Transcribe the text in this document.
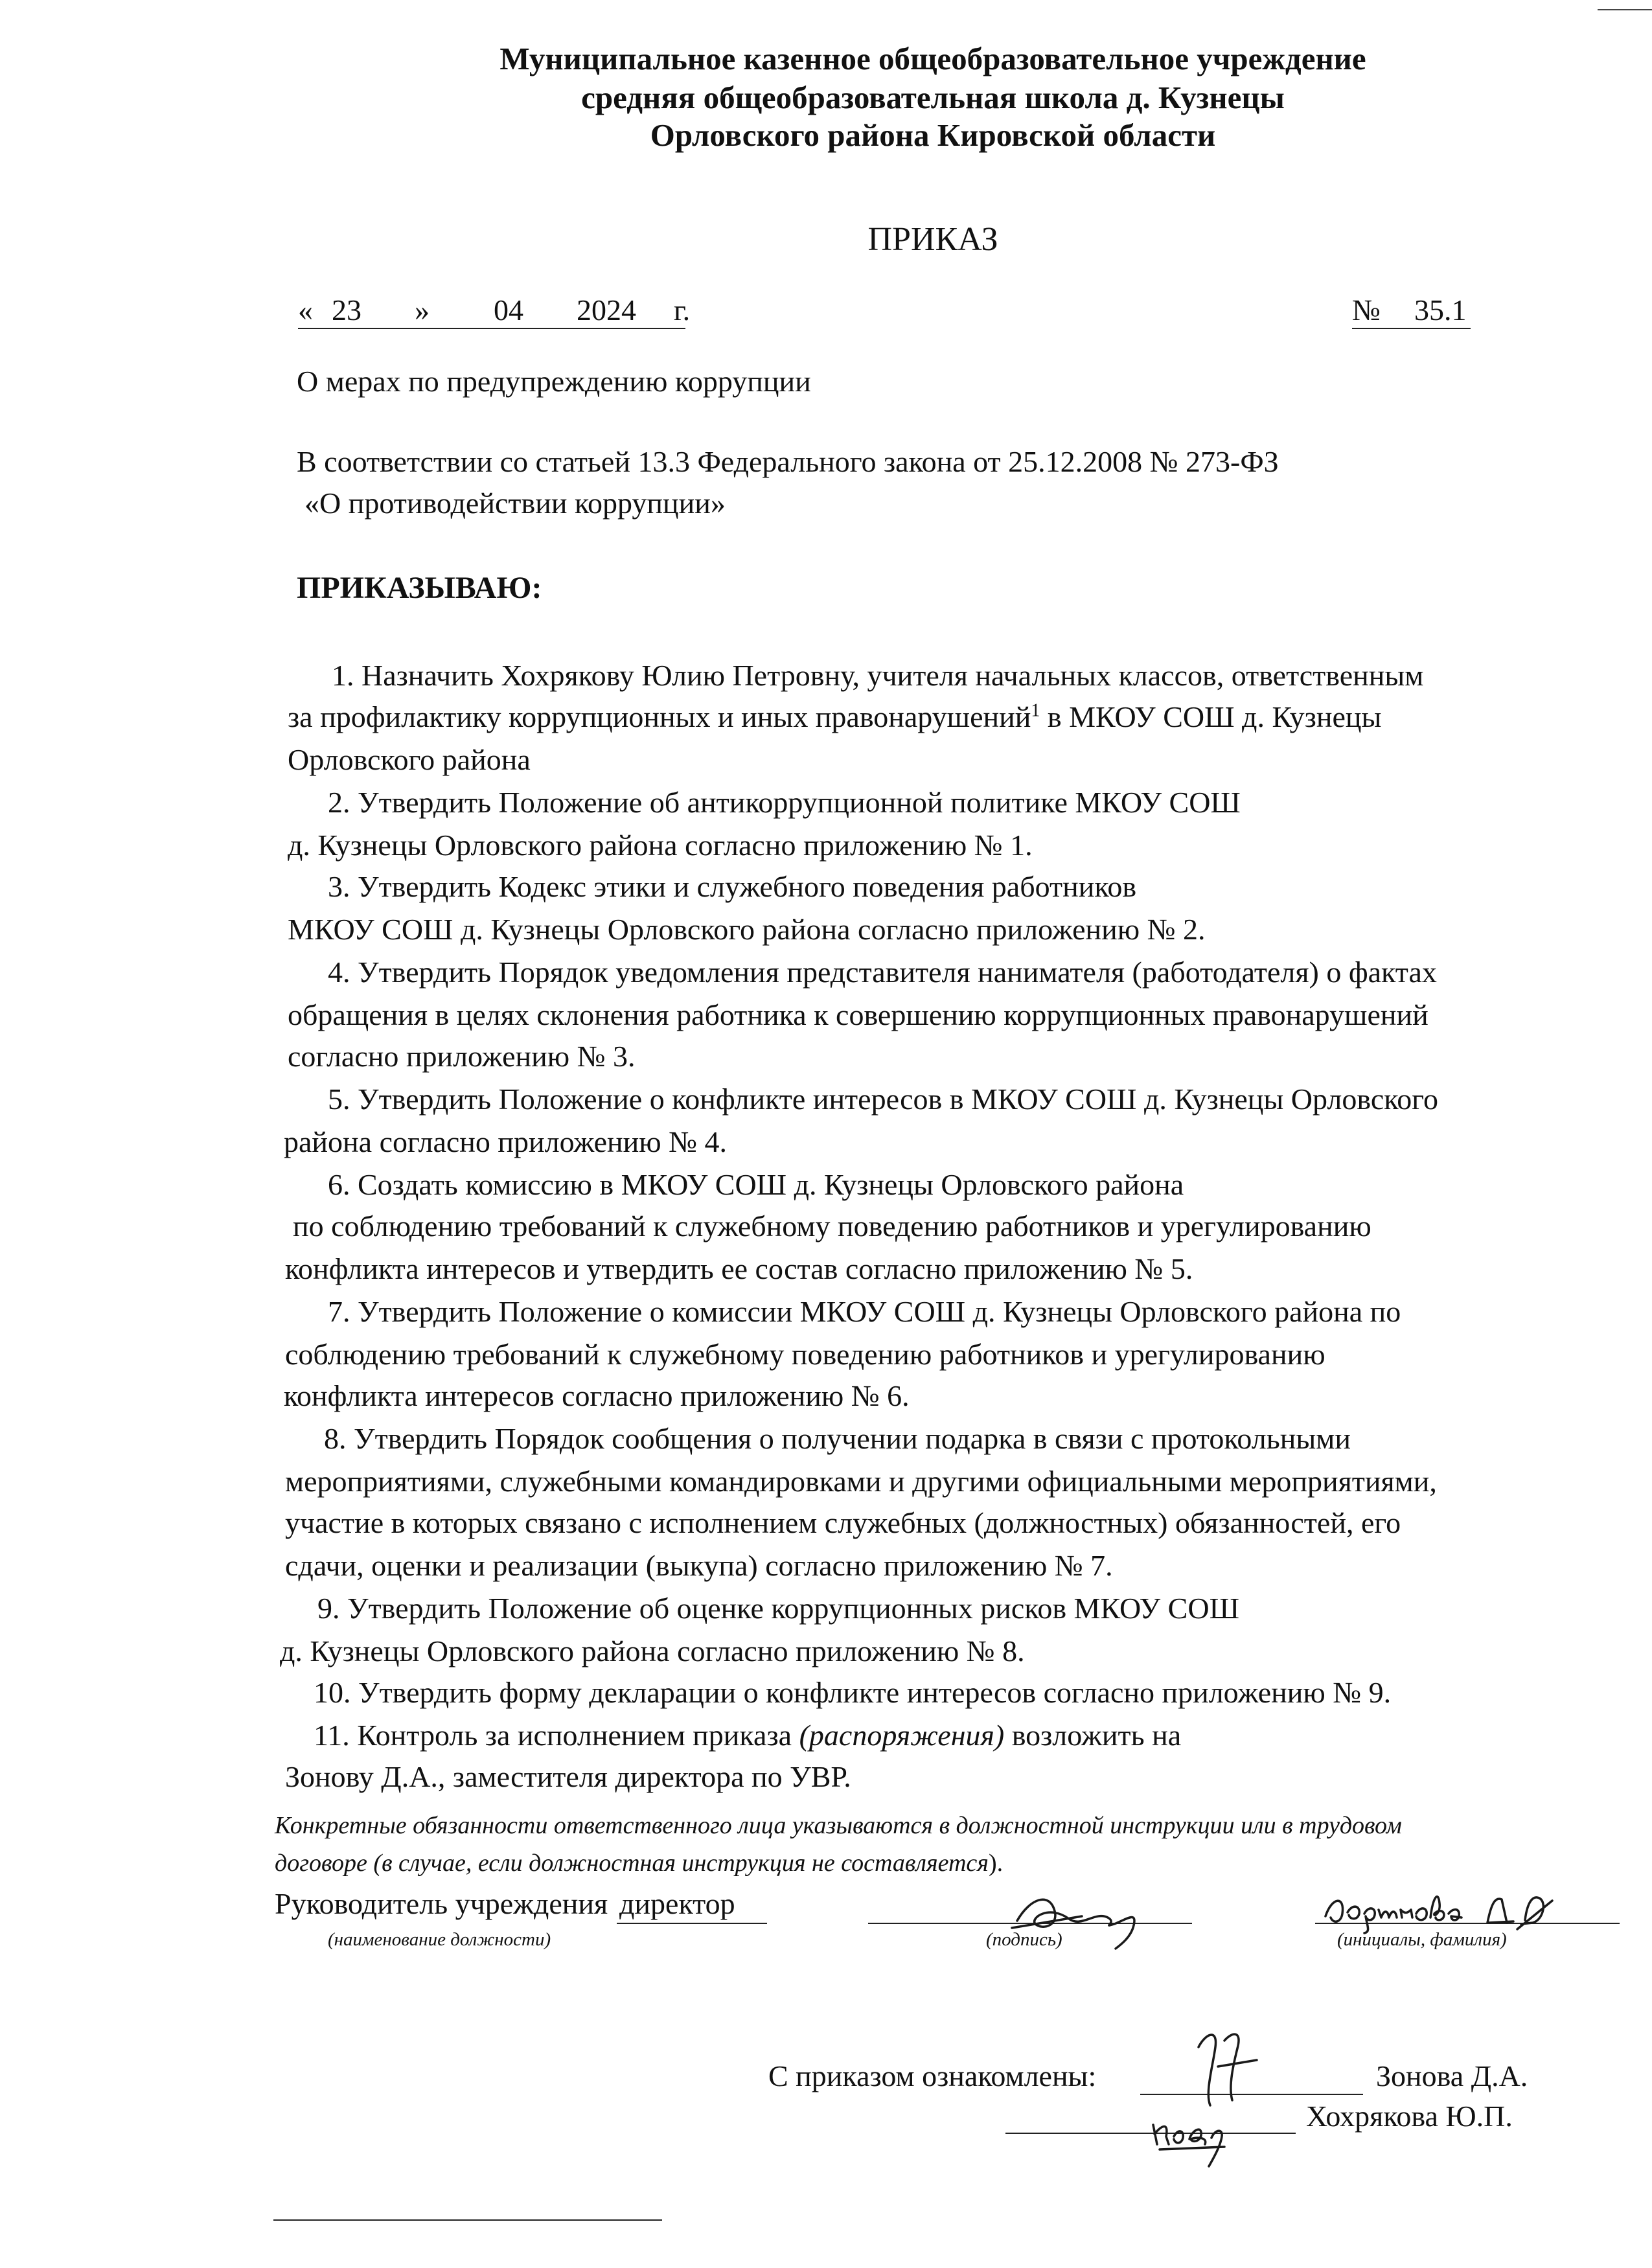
Муниципальное казенное общеобразовательное учреждение
средняя общеобразовательная школа д. Кузнецы
Орловского района Кировской области
ПРИКАЗ
« 23 » 04 2024 г.	№ 35.1
О мерах по предупреждению коррупции
В соответствии со статьей 13.3 Федерального закона от 25.12.2008 № 273-ФЗ
«О противодействии коррупции»
ПРИКАЗЫВАЮ:
1. Назначить Хохрякову Юлию Петровну, учителя начальных классов, ответственным
за профилактику коррупционных и иных правонарушений$^1$ в МКОУ СОШ д. Кузнецы
Орловского района
2. Утвердить Положение об антикоррупционной политике МКОУ СОШ
д. Кузнецы Орловского района согласно приложению № 1.
3. Утвердить Кодекс этики и служебного поведения работников
МКОУ СОШ д. Кузнецы Орловского района согласно приложению № 2.
4. Утвердить Порядок уведомления представителя нанимателя (работодателя) о фактах
обращения в целях склонения работника к совершению коррупционных правонарушений
согласно приложению № 3.
5. Утвердить Положение о конфликте интересов в МКОУ СОШ д. Кузнецы Орловского
района согласно приложению № 4.
6. Создать комиссию в МКОУ СОШ д. Кузнецы Орловского района
по соблюдению требований к служебному поведению работников и урегулированию
конфликта интересов и утвердить ее состав согласно приложению № 5.
7. Утвердить Положение о комиссии МКОУ СОШ д. Кузнецы Орловского района по
соблюдению требований к служебному поведению работников и урегулированию
конфликта интересов согласно приложению № 6.
8. Утвердить Порядок сообщения о получении подарка в связи с протокольными
мероприятиями, служебными командировками и другими официальными мероприятиями,
участие в которых связано с исполнением служебных (должностных) обязанностей, его
сдачи, оценки и реализации (выкупа) согласно приложению № 7.
9. Утвердить Положение об оценке коррупционных рисков МКОУ СОШ
д. Кузнецы Орловского района согласно приложению № 8.
10. Утвердить форму декларации о конфликте интересов согласно приложению № 9.
11. Контроль за исполнением приказа (распоряжения) возложить на
Зонову Д.А., заместителя директора по УВР.
Конкретные обязанности ответственного лица указываются в должностной инструкции или в трудовом
договоре (в случае, если должностная инструкция не составляется).
Руководитель учреждения директор
(наименование должности)	(подпись)	(инициалы, фамилия)
С приказом ознакомлены:	Зонова Д.А.
Хохрякова Ю.П.
